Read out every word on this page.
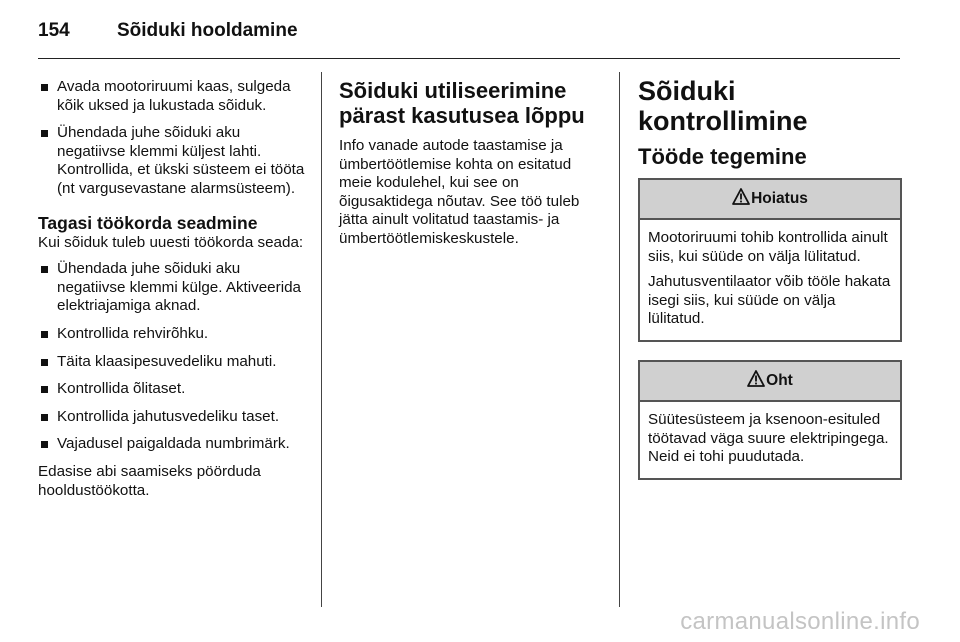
154	Sõiduki hooldamine
Avada mootoriruumi kaas, sulgeda kõik uksed ja lukustada sõiduk.
Ühendada juhe sõiduki aku negatiivse klemmi küljest lahti. Kontrollida, et ükski süsteem ei tööta (nt vargusevastane alarmsüsteem).
Tagasi töökorda seadmine

Kui sõiduk tuleb uuesti töökorda seada:

Ühendada juhe sõiduki aku negatiivse klemmi külge. Aktiveerida elektriajamiga aknad.
Kontrollida rehvirõhku.
Täita klaasipesuvedeliku mahuti.
Kontrollida õlitaset.
Kontrollida jahutusvedeliku taset.
Vajadusel paigaldada numbrimärk.

Edasise abi saamiseks pöörduda hooldustöökotta.

Sõiduki utiliseerimine pärast kasutusea lõppu

Info vanade autode taastamise ja ümbertöötlemise kohta on esitatud meie kodulehel, kui see on õigusaktidega nõutav. See töö tuleb jätta ainult volitatud taastamis- ja ümbertöötlemiskeskustele.

Sõiduki kontrollimine
Tööde tegemine
Hoiatus

Mootoriruumi tohib kontrollida ainult siis, kui süüde on välja lülitatud.

Jahutusventilaator võib tööle hakata isegi siis, kui süüde on välja lülitatud.

Oht

Süütesüsteem ja ksenoon-esituled töötavad väga suure elektripingega. Neid ei tohi puudutada.

carmanualsonline.info
